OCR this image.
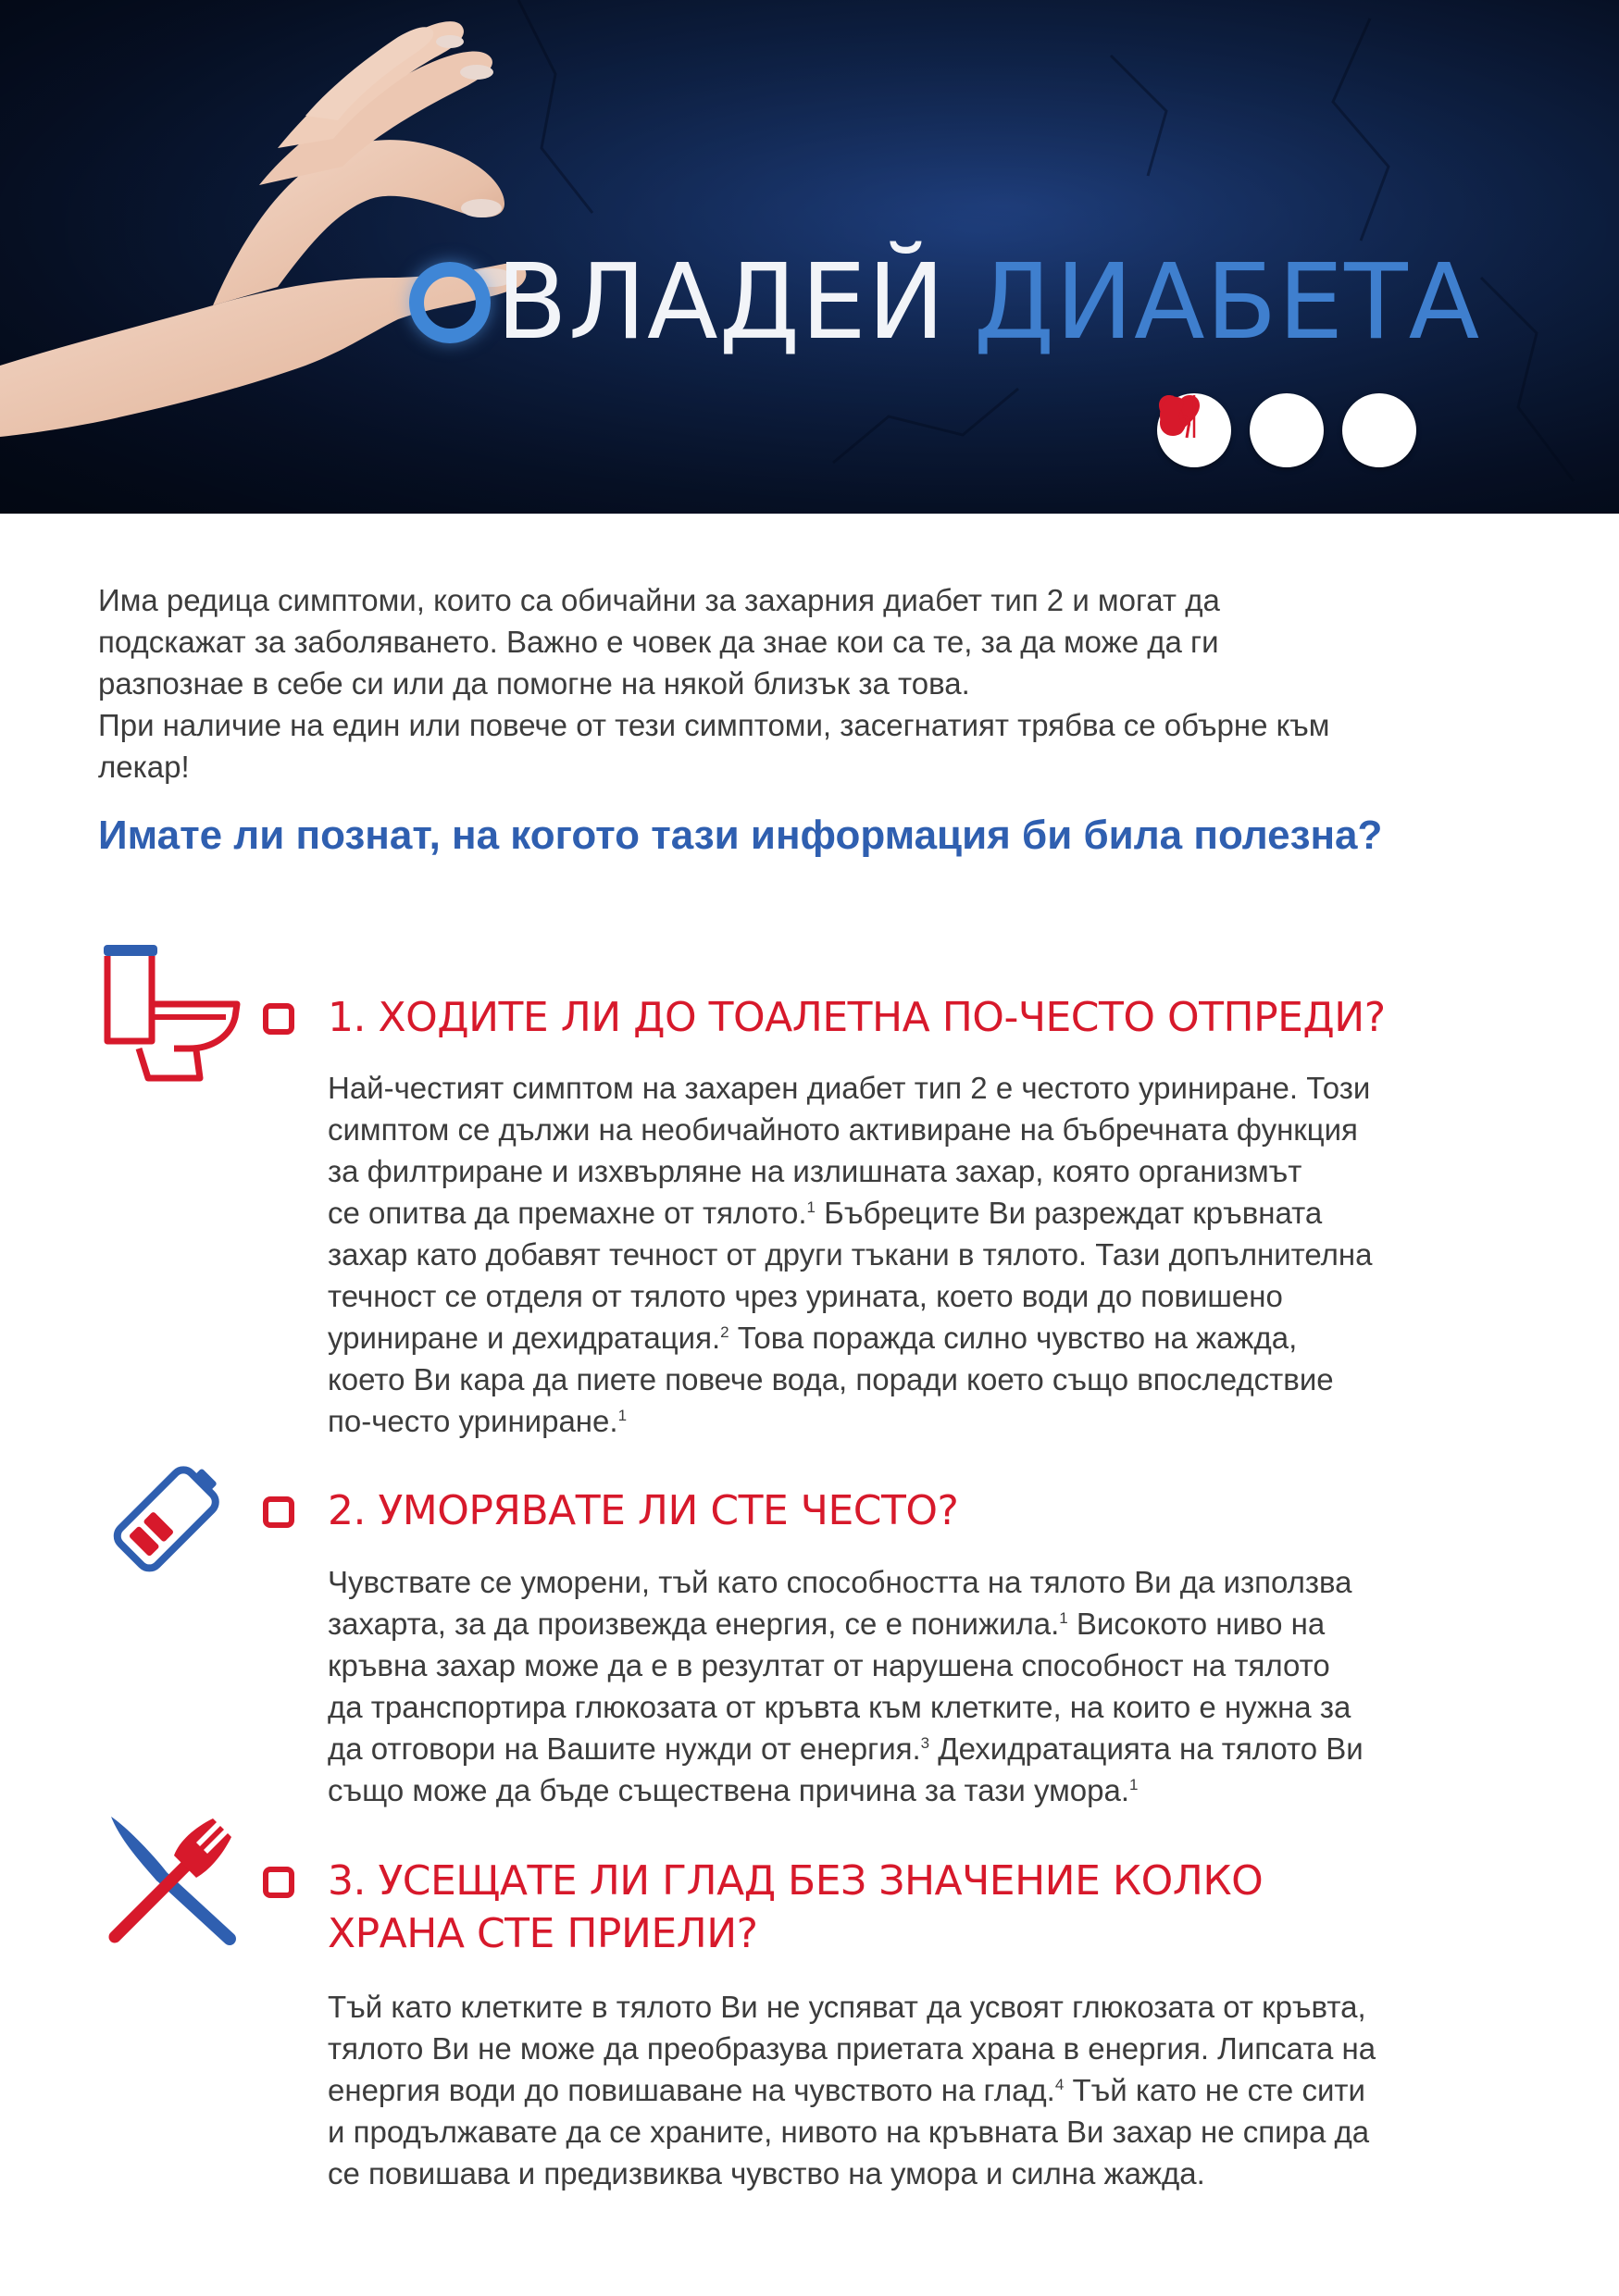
ВЛАДЕЙ ДИАБЕТА

Има редица симптоми, които са обичайни за захарния диабет тип 2 и могат да

подскажат за заболяването. Важно е човек да знае кои са те, за да може да ги

разпознае в себе си или да помогне на някой близък за това.

При наличие на един или повече от тези симптоми, засегнатият трябва се обърне към

лекар!

Имате ли познат, на когото тази информация би била полезна?
1. ХОДИТЕ ЛИ ДО ТОАЛЕТНА ПО-ЧЕСТО ОТПРЕДИ?

Най-честият симптом на захарен диабет тип 2 е честото уриниране. Този

симптом се дължи на необичайното активиране на бъбречната функция

за филтриране и изхвърляне на излишната захар, която организмът

се опитва да премахне от тялото.$^1$ Бъбреците Ви разреждат кръвната

захар като добавят течност от други тъкани в тялото. Тази допълнителна

течност се отделя от тялото чрез урината, което води до повишено

уриниране и дехидратация.$^2$ Това поражда силно чувство на жажда,

което Ви кара да пиете повече вода, поради което също впоследствие

по-често уриниране.$^1$

2. УМОРЯВАТЕ ЛИ СТЕ ЧЕСТО?

Чувствате се уморени, тъй като способността на тялото Ви да използва

захарта, за да произвежда енергия, се е понижила.$^1$ Високото ниво на

кръвна захар може да е в резултат от нарушена способност на тялото

да транспортира глюкозата от кръвта към клетките, на които е нужна за

да отговори на Вашите нужди от енергия.$^3$ Дехидратацията на тялото Ви

също може да бъде съществена причина за тази умора.$^1$

3. УСЕЩАТЕ ЛИ ГЛАД БЕЗ ЗНАЧЕНИЕ КОЛКО
ХРАНА СТЕ ПРИЕЛИ?

Тъй като клетките в тялото Ви не успяват да усвоят глюкозата от кръвта,

тялото Ви не може да преобразува приетата храна в енергия. Липсата на

енергия води до повишаване на чувството на глад.$^4$ Тъй като не сте сити

и продължавате да се храните, нивото на кръвната Ви захар не спира да

се повишава и предизвиква чувство на умора и силна жажда.
